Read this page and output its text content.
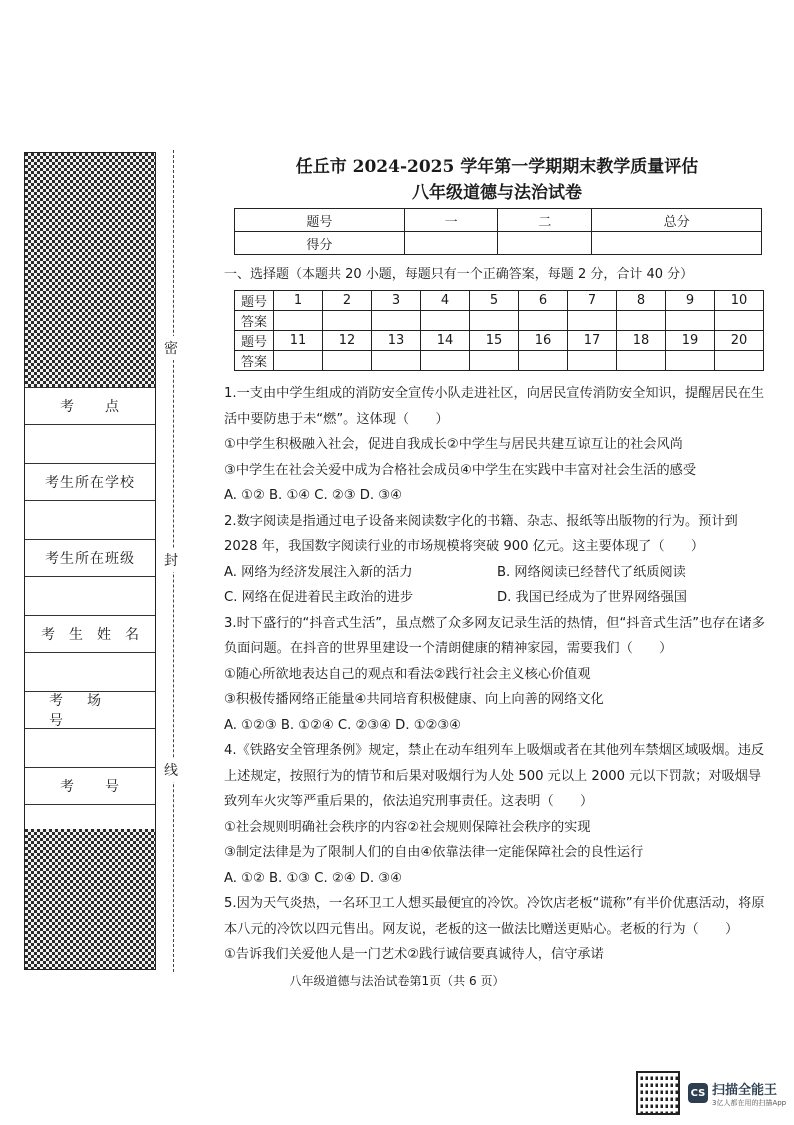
考　　点
考生所在学校
考生所在班级
考生姓名
考场号
考　　号
密
封
线

任丘市 2024-2025 学年第一学期期末教学质量评估

八年级道德与法治试卷

题号	一	二	总分
得分			

一、选择题（本题共 20 小题，每题只有一个正确答案，每题 2 分，合计 40 分）

题号	1	2	3	4	5	6	7	8	9	10
答案										
题号	11	12	13	14	15	16	17	18	19	20
答案										

1.一支由中学生组成的消防安全宣传小队走进社区，向居民宣传消防安全知识，提醒居民在生活中要防患于未“燃”。这体现（　　）

①中学生积极融入社会，促进自我成长②中学生与居民共建互谅互让的社会风尚

③中学生在社会关爱中成为合格社会成员④中学生在实践中丰富对社会生活的感受

A. ①② B. ①④ C. ②③ D. ③④

2.数字阅读是指通过电子设备来阅读数字化的书籍、杂志、报纸等出版物的行为。预计到 2028 年，我国数字阅读行业的市场规模将突破 900 亿元。这主要体现了（　　）

A. 网络为经济发展注入新的活力	B. 网络阅读已经替代了纸质阅读
C. 网络在促进着民主政治的进步	D. 我国已经成为了世界网络强国

3.时下盛行的“抖音式生活”，虽点燃了众多网友记录生活的热情，但“抖音式生活”也存在诸多负面问题。在抖音的世界里建设一个清朗健康的精神家园，需要我们（　　）

①随心所欲地表达自己的观点和看法②践行社会主义核心价值观

③积极传播网络正能量④共同培育积极健康、向上向善的网络文化

A. ①②③ B. ①②④ C. ②③④ D. ①②③④

4.《铁路安全管理条例》规定，禁止在动车组列车上吸烟或者在其他列车禁烟区域吸烟。违反上述规定，按照行为的情节和后果对吸烟行为人处 500 元以上 2000 元以下罚款；对吸烟导致列车火灾等严重后果的，依法追究刑事责任。这表明（　　）

①社会规则明确社会秩序的内容②社会规则保障社会秩序的实现

③制定法律是为了限制人们的自由④依靠法律一定能保障社会的良性运行

A. ①② B. ①③ C. ②④ D. ③④

5.因为天气炎热，一名环卫工人想买最便宜的冷饮。冷饮店老板“谎称”有半价优惠活动，将原本八元的冷饮以四元售出。网友说，老板的这一做法比赠送更贴心。老板的行为（　　）

①告诉我们关爱他人是一门艺术②践行诚信要真诚待人，信守承诺

八年级道德与法治试卷第1页（共 6 页）
CS 扫描全能王
3亿人都在用的扫描App
